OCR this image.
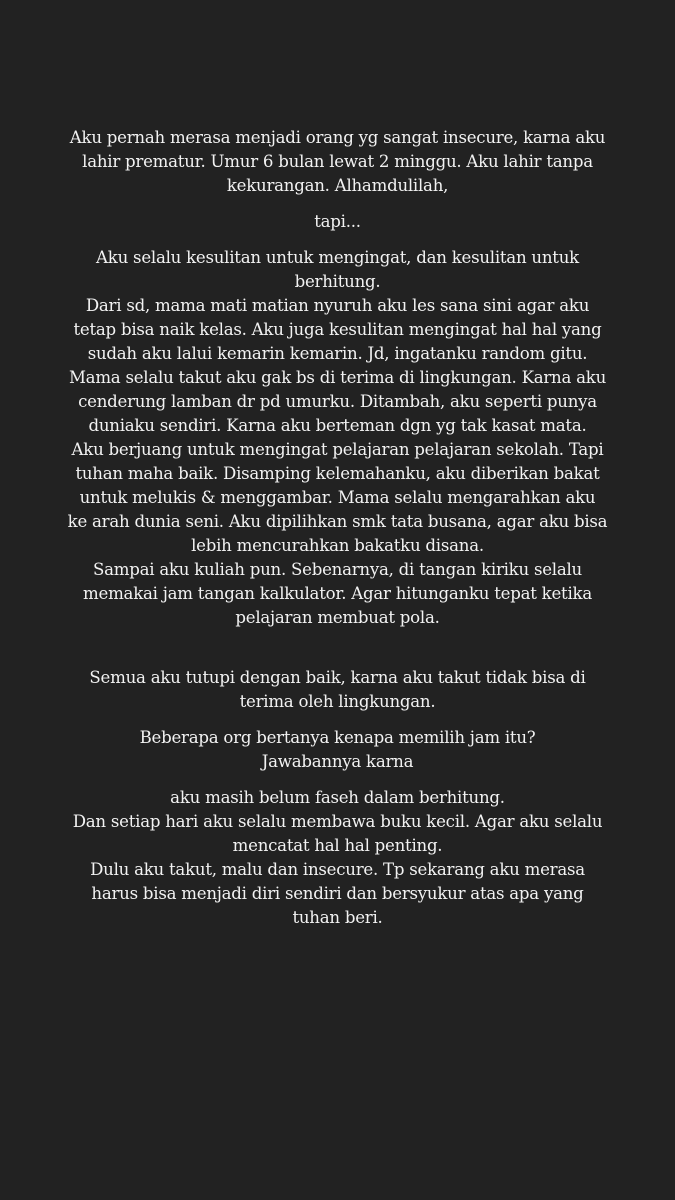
Aku pernah merasa menjadi orang yg sangat insecure, karna aku
lahir prematur. Umur 6 bulan lewat 2 minggu. Aku lahir tanpa
kekurangan. Alhamdulilah,
tapi...
Aku selalu kesulitan untuk mengingat, dan kesulitan untuk
berhitung.
Dari sd, mama mati matian nyuruh aku les sana sini agar aku
tetap bisa naik kelas. Aku juga kesulitan mengingat hal hal yang
sudah aku lalui kemarin kemarin. Jd, ingatanku random gitu.
Mama selalu takut aku gak bs di terima di lingkungan. Karna aku
cenderung lamban dr pd umurku. Ditambah, aku seperti punya
duniaku sendiri. Karna aku berteman dgn yg tak kasat mata.
Aku berjuang untuk mengingat pelajaran pelajaran sekolah. Tapi
tuhan maha baik. Disamping kelemahanku, aku diberikan bakat
untuk melukis & menggambar. Mama selalu mengarahkan aku
ke arah dunia seni. Aku dipilihkan smk tata busana, agar aku bisa
lebih mencurahkan bakatku disana.
Sampai aku kuliah pun. Sebenarnya, di tangan kiriku selalu
memakai jam tangan kalkulator. Agar hitunganku tepat ketika
pelajaran membuat pola.
Semua aku tutupi dengan baik, karna aku takut tidak bisa di
terima oleh lingkungan.
Beberapa org bertanya kenapa memilih jam itu?
Jawabannya karna
aku masih belum faseh dalam berhitung.
Dan setiap hari aku selalu membawa buku kecil. Agar aku selalu
mencatat hal hal penting.
Dulu aku takut, malu dan insecure. Tp sekarang aku merasa
harus bisa menjadi diri sendiri dan bersyukur atas apa yang
tuhan beri.
